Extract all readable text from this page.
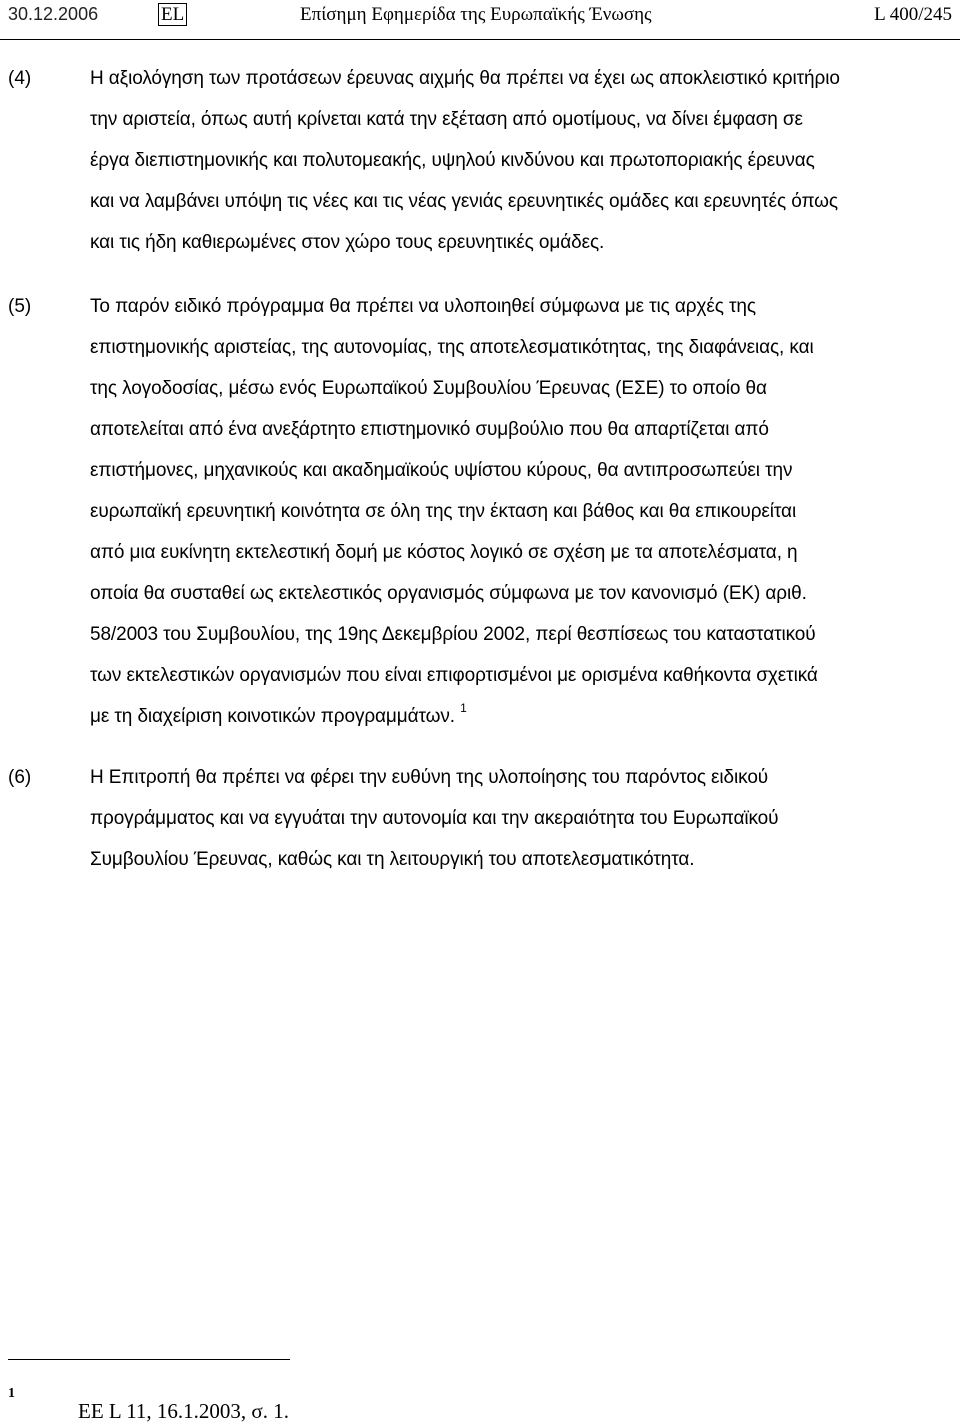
30.12.2006	EL	Επίσημη Εφημερίδα της Ευρωπαϊκής Ένωσης	L 400/245
(4)	Η αξιολόγηση των προτάσεων έρευνας αιχμής θα πρέπει να έχει ως αποκλειστικό κριτήριο
την αριστεία, όπως αυτή κρίνεται κατά την εξέταση από ομοτίμους, να δίνει έμφαση σε
έργα διεπιστημονικής και πολυτομεακής, υψηλού κινδύνου και πρωτοποριακής έρευνας
και να λαμβάνει υπόψη τις νέες και τις νέας γενιάς ερευνητικές ομάδες και ερευνητές όπως
και τις ήδη καθιερωμένες στον χώρο τους ερευνητικές ομάδες.
(5)	Το παρόν ειδικό πρόγραμμα θα πρέπει να υλοποιηθεί σύμφωνα με τις αρχές της
επιστημονικής αριστείας, της αυτονομίας, της αποτελεσματικότητας, της διαφάνειας, και
της λογοδοσίας, μέσω ενός Ευρωπαϊκού Συμβουλίου Έρευνας (ΕΣΕ) το οποίο θα
αποτελείται από ένα ανεξάρτητο επιστημονικό συμβούλιο που θα απαρτίζεται από
επιστήμονες, μηχανικούς και ακαδημαϊκούς υψίστου κύρους, θα αντιπροσωπεύει την
ευρωπαϊκή ερευνητική κοινότητα σε όλη της την έκταση και βάθος και θα επικουρείται
από μια ευκίνητη εκτελεστική δομή με κόστος λογικό σε σχέση με τα αποτελέσματα, η
οποία θα συσταθεί ως εκτελεστικός οργανισμός σύμφωνα με τον κανονισμό (ΕΚ) αριθ.
58/2003 του Συμβουλίου, της 19ης Δεκεμβρίου 2002, περί θεσπίσεως του καταστατικού
των εκτελεστικών οργανισμών που είναι επιφορτισμένοι με ορισμένα καθήκοντα σχετικά
με τη διαχείριση κοινοτικών προγραμμάτων. $^1$
(6)	Η Επιτροπή θα πρέπει να φέρει την ευθύνη της υλοποίησης του παρόντος ειδικού
προγράμματος και να εγγυάται την αυτονομία και την ακεραιότητα του Ευρωπαϊκού
Συμβουλίου Έρευνας, καθώς και τη λειτουργική του αποτελεσματικότητα.
1
ΕΕ L 11, 16.1.2003, σ. 1.
